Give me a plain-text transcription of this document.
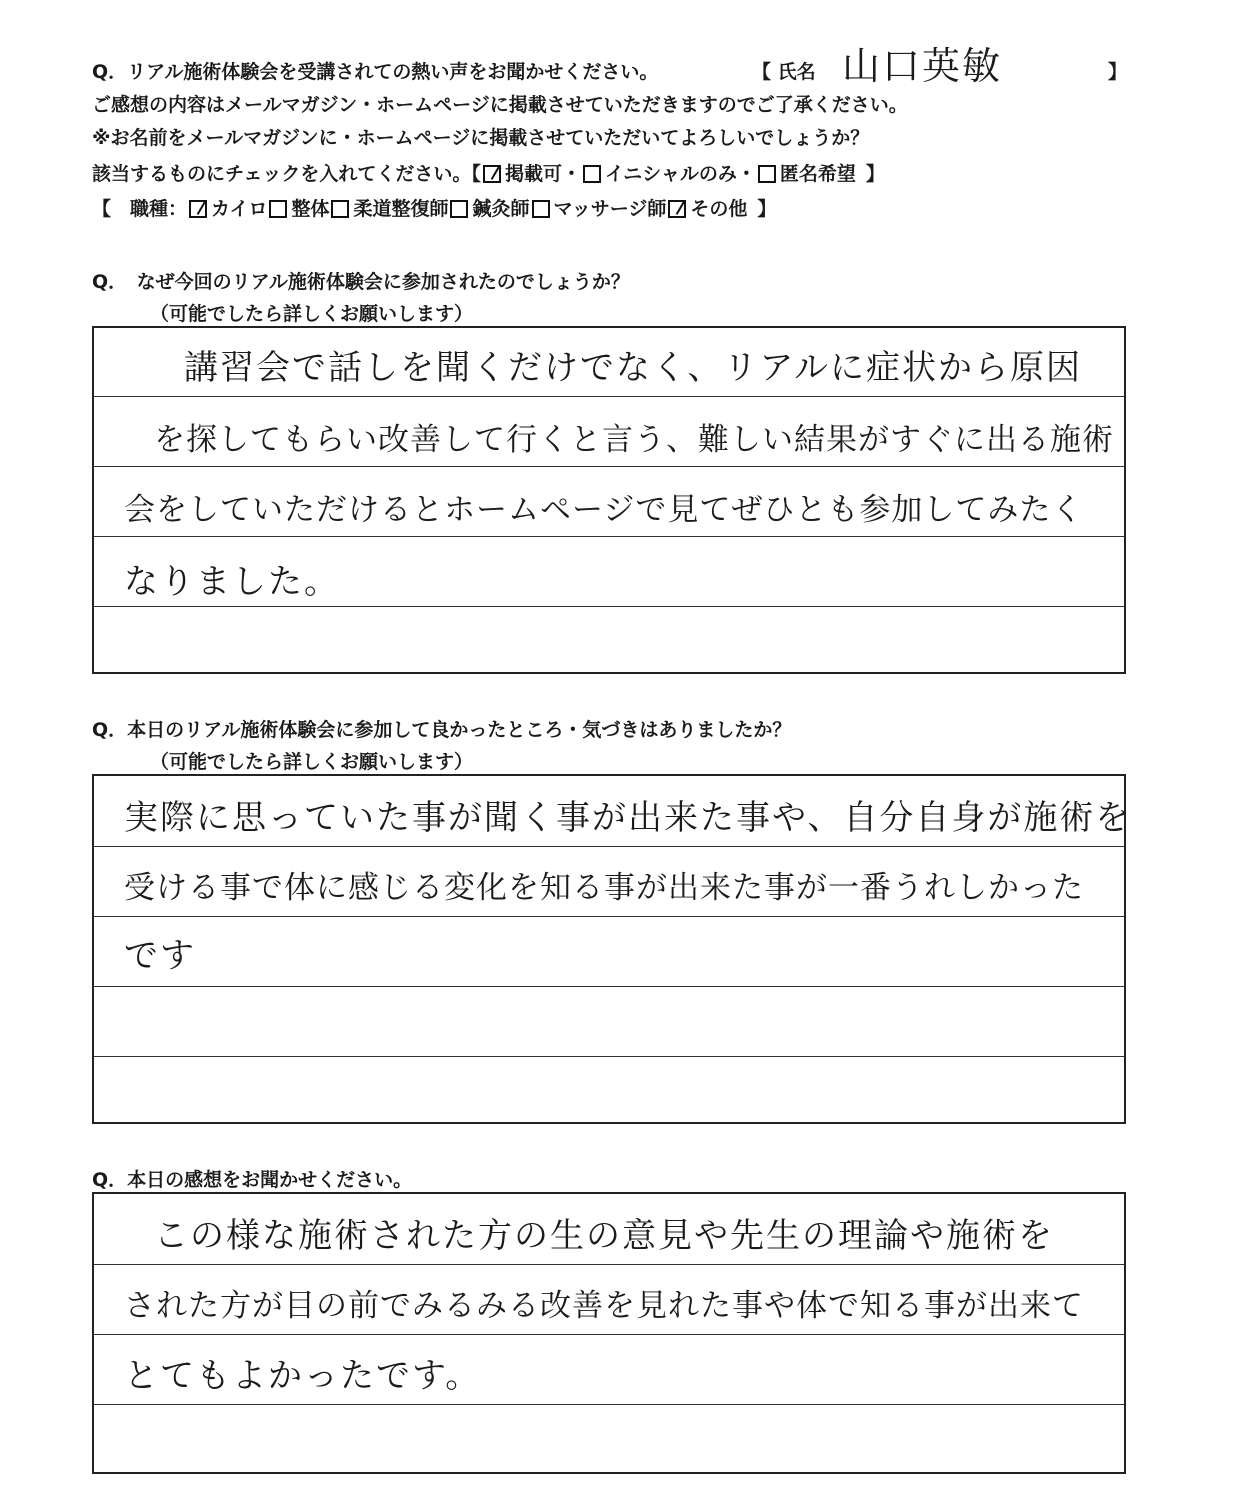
Q．リアル施術体験会を受講されての熱い声をお聞かせください。	【 氏名 山口英敏	】
ご感想の内容はメールマガジン・ホームページに掲載させていただきますのでご了承ください。
※お名前をメールマガジンに・ホームページに掲載させていただいてよろしいでしょうか？
該当するものにチェックを入れてください。【 掲載可・ イニシャルのみ・ 匿名希望 】
【　職種： カイロ 整体 柔道整復師 鍼灸師 マッサージ師 その他 】
Q．　なぜ今回のリアル施術体験会に参加されたのでしょうか？
（可能でしたら詳しくお願いします）
講習会で話しを聞くだけでなく、リアルに症状から原因
を探してもらい改善して行くと言う、難しい結果がすぐに出る施術
会をしていただけるとホームページで見てぜひとも参加してみたく
なりました。
Q．本日のリアル施術体験会に参加して良かったところ・気づきはありましたか？
（可能でしたら詳しくお願いします）
実際に思っていた事が聞く事が出来た事や、自分自身が施術を
受ける事で体に感じる変化を知る事が出来た事が一番うれしかった
です
Q．本日の感想をお聞かせください。
この様な施術された方の生の意見や先生の理論や施術を
された方が目の前でみるみる改善を見れた事や体で知る事が出来て
とてもよかったです。
